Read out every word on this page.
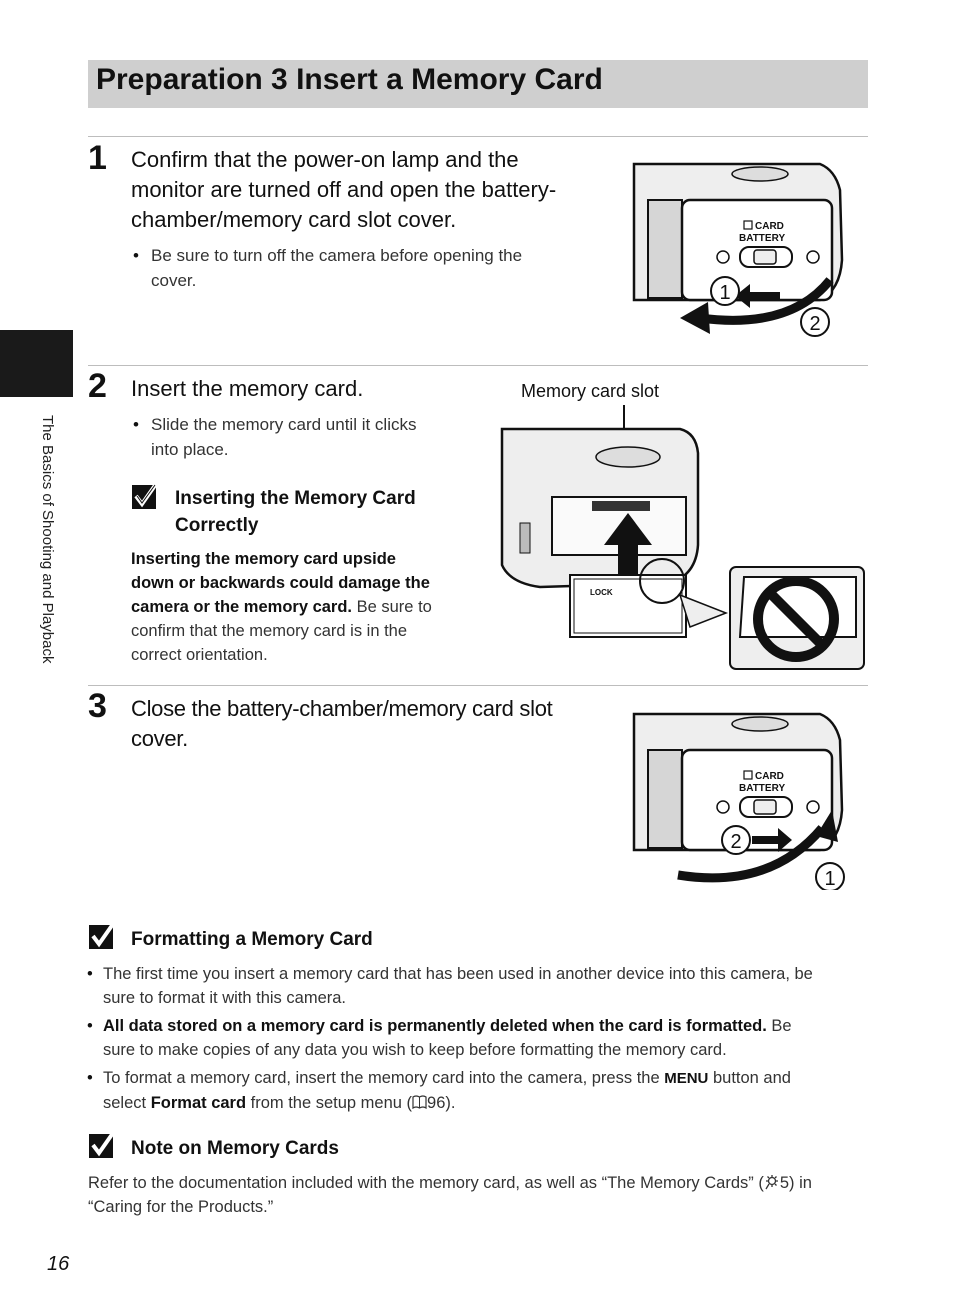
Preparation 3 Insert a Memory Card
The Basics of Shooting and Playback
1 Confirm that the power-on lamp and the
monitor are turned off and open the battery-
chamber/memory card slot cover.
• Be sure to turn off the camera before opening the
cover.
CARD
BATTERY
1
2
2 Insert the memory card.
• Slide the memory card until it clicks
into place.
Inserting the Memory Card
Correctly
Inserting the memory card upside
down or backwards could damage the
camera or the memory card. Be sure to
confirm that the memory card is in the
correct orientation.
Memory card slot
LOCK
3 Close the battery-chamber/memory card slot
cover.
CARD
BATTERY
2
1
Formatting a Memory Card
• The first time you insert a memory card that has been used in another device into this camera, be
sure to format it with this camera.
• All data stored on a memory card is permanently deleted when the card is formatted. Be
sure to make copies of any data you wish to keep before formatting the memory card.
• To format a memory card, insert the memory card into the camera, press the MENU button and
select Format card from the setup menu ( 96).
Note on Memory Cards
Refer to the documentation included with the memory card, as well as “The Memory Cards” ( 5) in
“Caring for the Products.”
16
